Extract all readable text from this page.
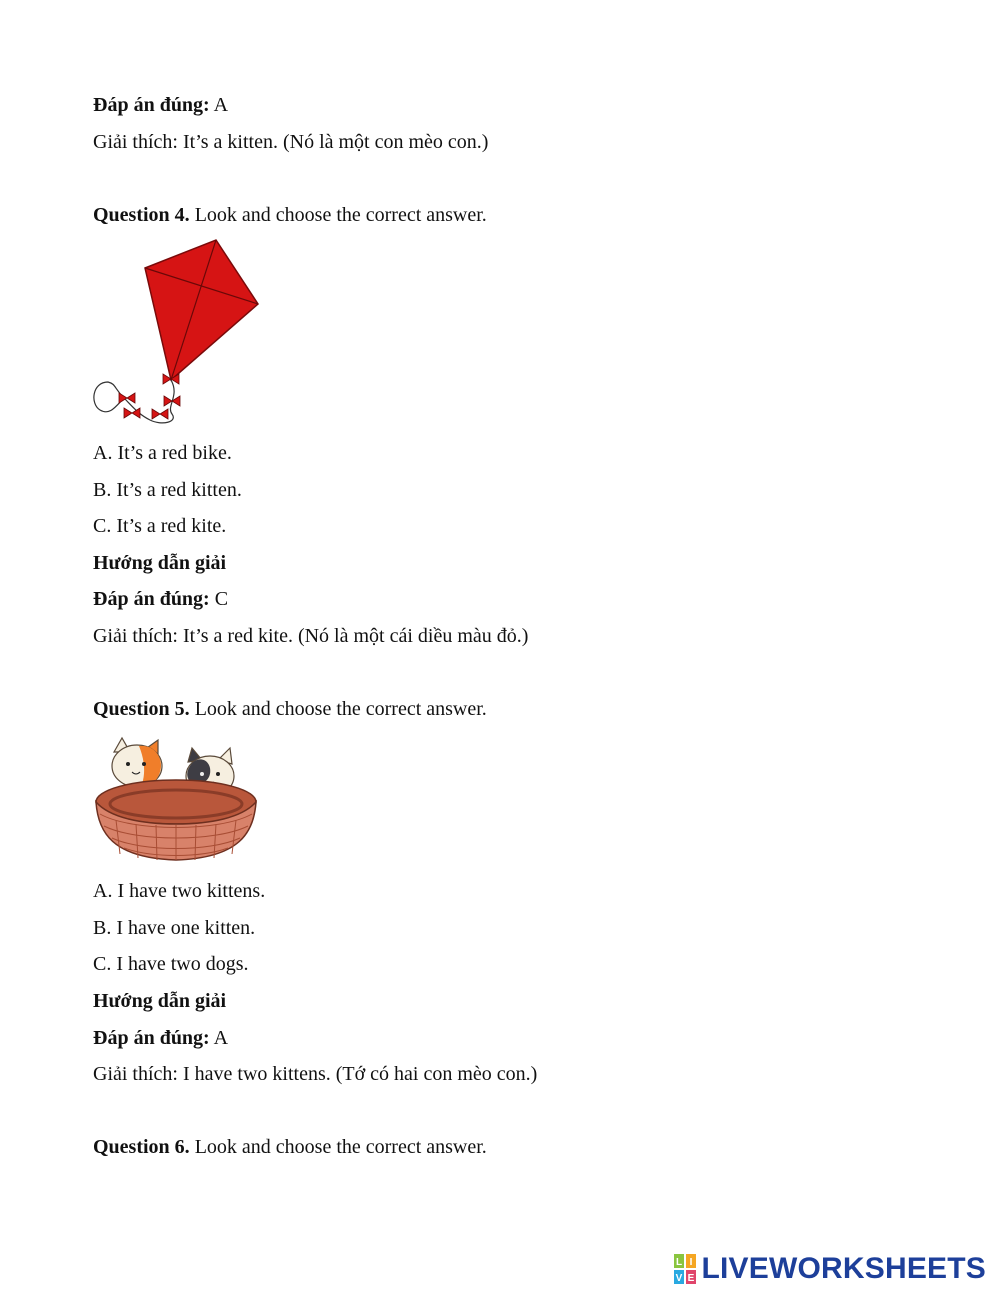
Đáp án đúng: A
Giải thích: It’s a kitten. (Nó là một con mèo con.)
Question 4. Look and choose the correct answer.
A. It’s a red bike.
B. It’s a red kitten.
C. It’s a red kite.
Hướng dẫn giải
Đáp án đúng: C
Giải thích: It’s a red kite. (Nó là một cái diều màu đỏ.)
Question 5. Look and choose the correct answer.
A. I have two kittens.
B. I have one kitten.
C. I have two dogs.
Hướng dẫn giải
Đáp án đúng: A
Giải thích: I have two kittens. (Tớ có hai con mèo con.)
Question 6. Look and choose the correct answer.
L I
V E LIVEWORKSHEETS
